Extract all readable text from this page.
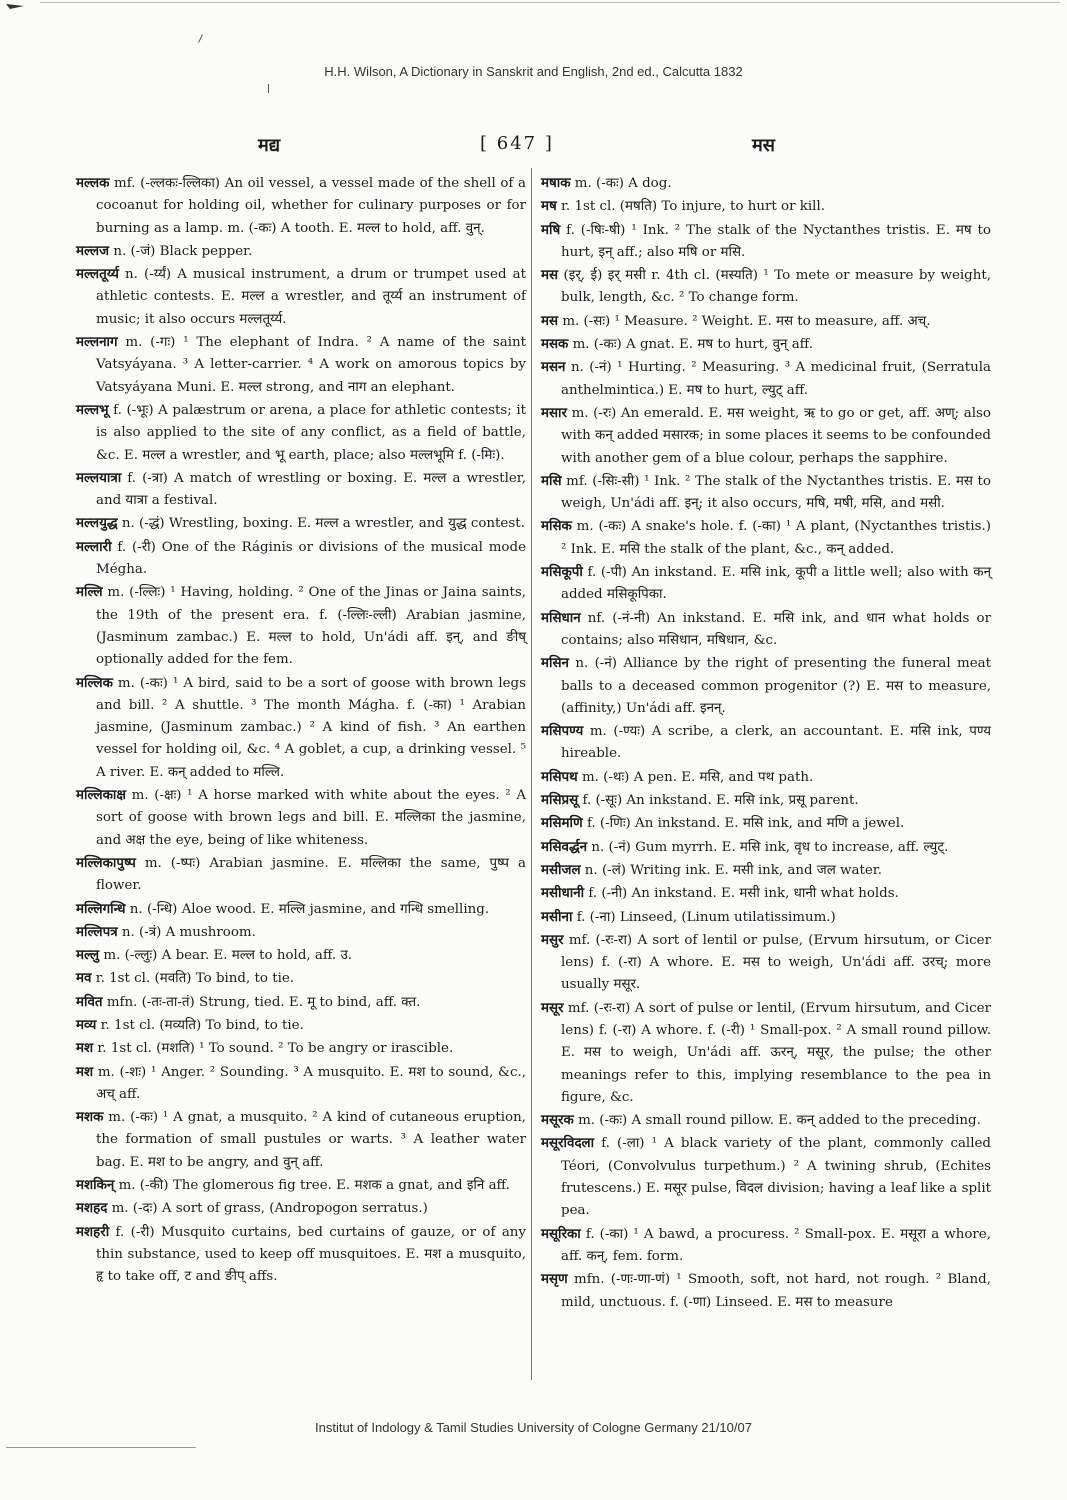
H.H. Wilson, A Dictionary in Sanskrit and English, 2nd ed., Calcutta 1832
मद्य	[ 647 ]	मस

मल्लक mf. (-ल्लकः-ल्लिका) An oil vessel, a vessel made of the shell of a cocoanut for holding oil, whether for culinary purposes or for burning as a lamp. m. (-कः) A tooth. E. मल्ल to hold, aff. वुन्.

मल्लज n. (-जं) Black pepper.

मल्लतूर्य्य n. (-र्य्यं) A musical instrument, a drum or trumpet used at athletic contests. E. मल्ल a wrestler, and तूर्य्य an instrument of music; it also occurs मल्लतूर्य्य.

मल्लनाग m. (-गः) ¹ The elephant of Indra. ² A name of the saint Vatsyáyana. ³ A letter-carrier. ⁴ A work on amorous topics by Vatsyáyana Muni. E. मल्ल strong, and नाग an elephant.

मल्लभू f. (-भूः) A palæstrum or arena, a place for athletic contests; it is also applied to the site of any conflict, as a field of battle, &c. E. मल्ल a wrestler, and भू earth, place; also मल्लभूमि f. (-मिः).

मल्लयात्रा f. (-त्रा) A match of wrestling or boxing. E. मल्ल a wrestler, and यात्रा a festival.

मल्लयुद्ध n. (-द्धं) Wrestling, boxing. E. मल्ल a wrestler, and युद्ध contest.

मल्लारी f. (-री) One of the Rágini̇s or divisions of the musical mode Mégha.

मल्लि m. (-ल्लिः) ¹ Having, holding. ² One of the Jinas or Jaina saints, the 19th of the present era. f. (-ल्लिः-ल्ली) Arabian jasmine, (Jasminum zambac.) E. मल्ल to hold, Un'ádi aff. इन्, and ङीष् optionally added for the fem.

मल्लिक m. (-कः) ¹ A bird, said to be a sort of goose with brown legs and bill. ² A shuttle. ³ The month Mágha. f. (-का) ¹ Arabian jasmine, (Jasminum zambac.) ² A kind of fish. ³ An earthen vessel for holding oil, &c. ⁴ A goblet, a cup, a drinking vessel. ⁵ A river. E. कन् added to मल्लि.

मल्लिकाक्ष m. (-क्षः) ¹ A horse marked with white about the eyes. ² A sort of goose with brown legs and bill. E. मल्लिका the jasmine, and अक्ष the eye, being of like whiteness.

मल्लिकापुष्प m. (-ष्पः) Arabian jasmine. E. मल्लिका the same, पुष्प a flower.

मल्लिगन्धि n. (-न्धि) Aloe wood. E. मल्लि jasmine, and गन्धि smelling.

मल्लिपत्र n. (-त्रं) A mushroom.

मल्लु m. (-ल्लुः) A bear. E. मल्ल to hold, aff. उ.

मव r. 1st cl. (मवति) To bind, to tie.

मवित mfn. (-तः-ता-तं) Strung, tied. E. मू to bind, aff. क्त.

मव्य r. 1st cl. (मव्यति) To bind, to tie.

मश r. 1st cl. (मशति) ¹ To sound. ² To be angry or irascible.

मश m. (-शः) ¹ Anger. ² Sounding. ³ A musquito. E. मश to sound, &c., अच् aff.

मशक m. (-कः) ¹ A gnat, a musquito. ² A kind of cutaneous eruption, the formation of small pustules or warts. ³ A leather water bag. E. मश to be angry, and वुन् aff.

मशकिन् m. (-की) The glomerous fig tree. E. मशक a gnat, and इनि aff.

मशहद m. (-दः) A sort of grass, (Andropogon serratus.)

मशहरी f. (-री) Musquito curtains, bed curtains of gauze, or of any thin substance, used to keep off musquitoes. E. मश a musquito, हृ to take off, ट and ङीप् affs.

मषाक m. (-कः) A dog.

मष r. 1st cl. (मषति) To injure, to hurt or kill.

मषि f. (-षिः-षी) ¹ Ink. ² The stalk of the Nyctanthes tristis. E. मष to hurt, इन् aff.; also मषि or मसि.

मस (इर्, ई) इर् मसी r. 4th cl. (मस्यति) ¹ To mete or measure by weight, bulk, length, &c. ² To change form.

मस m. (-सः) ¹ Measure. ² Weight. E. मस to measure, aff. अच्.

मसक m. (-कः) A gnat. E. मष to hurt, वुन् aff.

मसन n. (-नं) ¹ Hurting. ² Measuring. ³ A medicinal fruit, (Serratula anthelmintica.) E. मष to hurt, ल्युट् aff.

मसार m. (-रः) An emerald. E. मस weight, ऋ to go or get, aff. अण्; also with कन् added मसारक; in some places it seems to be confounded with another gem of a blue colour, perhaps the sapphire.

मसि mf. (-सिः-सी) ¹ Ink. ² The stalk of the Nyctanthes tristis. E. मस to weigh, Un'ádi aff. इन्; it also occurs, मषि, मषी, मसि, and मसी.

मसिक m. (-कः) A snake's hole. f. (-का) ¹ A plant, (Nyctanthes tristis.) ² Ink. E. मसि the stalk of the plant, &c., कन् added.

मसिकूपी f. (-पी) An inkstand. E. मसि ink, कूपी a little well; also with कन् added मसिकूपिका.

मसिधान nf. (-नं-नी) An inkstand. E. मसि ink, and धान what holds or contains; also मसिधान, मषिधान, &c.

मसिन n. (-नं) Alliance by the right of presenting the funeral meat balls to a deceased common progenitor (?) E. मस to measure, (affinity,) Un'ádi aff. इनन्.

मसिपण्य m. (-ण्यः) A scribe, a clerk, an accountant. E. मसि ink, पण्य hireable.

मसिपथ m. (-थः) A pen. E. मसि, and पथ path.

मसिप्रसू f. (-सूः) An inkstand. E. मसि ink, प्रसू parent.

मसिमणि f. (-णिः) An inkstand. E. मसि ink, and मणि a jewel.

मसिवर्द्धन n. (-नं) Gum myrrh. E. मसि ink, वृध to increase, aff. ल्युट्.

मसीजल n. (-लं) Writing ink. E. मसी ink, and जल water.

मसीधानी f. (-नी) An inkstand. E. मसी ink, धानी what holds.

मसीना f. (-ना) Linseed, (Linum utilatissimum.)

मसुर mf. (-रः-रा) A sort of lentil or pulse, (Ervum hirsutum, or Cicer lens) f. (-रा) A whore. E. मस to weigh, Un'ádi aff. उरच्; more usually मसूर.

मसूर mf. (-रः-रा) A sort of pulse or lentil, (Ervum hirsutum, and Cicer lens) f. (-रा) A whore. f. (-री) ¹ Small-pox. ² A small round pillow. E. मस to weigh, Un'ádi aff. ऊरन्, मसूर, the pulse; the other meanings refer to this, implying resemblance to the pea in figure, &c.

मसूरक m. (-कः) A small round pillow. E. कन् added to the preceding.

मसूरविदला f. (-ला) ¹ A black variety of the plant, commonly called Téori, (Convolvulus turpethum.) ² A twining shrub, (Echites frutescens.) E. मसूर pulse, विदल division; having a leaf like a split pea.

मसूरिका f. (-का) ¹ A bawd, a procuress. ² Small-pox. E. मसूरा a whore, aff. कन्, fem. form.

मसृण mfn. (-णः-णा-णं) ¹ Smooth, soft, not hard, not rough. ² Bland, mild, unctuous. f. (-णा) Linseed. E. मस to measure

Institut of Indology & Tamil Studies University of Cologne Germany 21/10/07
